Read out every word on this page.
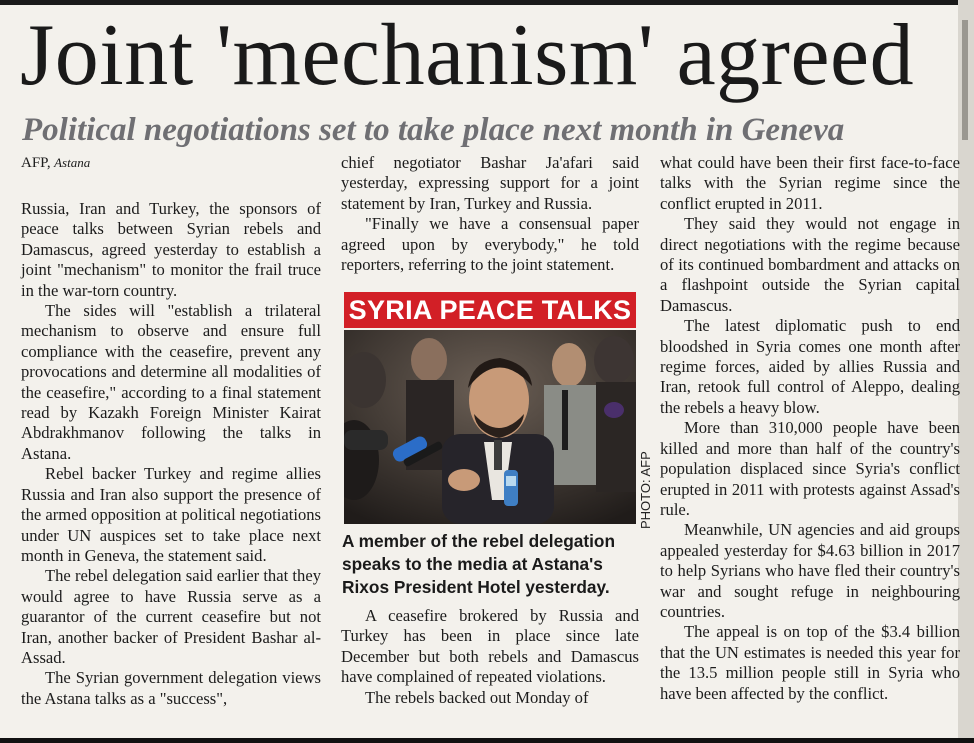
Joint 'mechanism' agreed
Political negotiations set to take place next month in Geneva
AFP, Astana

Russia, Iran and Turkey, the sponsors of peace talks between Syrian rebels and Damascus, agreed yesterday to establish a joint "mechanism" to monitor the frail truce in the war-torn country.

The sides will "establish a trilateral mechanism to observe and ensure full compliance with the ceasefire, prevent any provocations and determine all modalities of the ceasefire," according to a final statement read by Kazakh Foreign Minister Kairat Abdrakhmanov following the talks in Astana.

Rebel backer Turkey and regime allies Russia and Iran also support the presence of the armed opposition at political negotiations under UN auspices set to take place next month in Geneva, the statement said.

The rebel delegation said earlier that they would agree to have Russia serve as a guarantor of the current ceasefire but not Iran, another backer of President Bashar al-Assad.

The Syrian government delegation views the Astana talks as a "success",

chief negotiator Bashar Ja'afari said yesterday, expressing support for a joint statement by Iran, Turkey and Russia.

"Finally we have a consensual paper agreed upon by everybody," he told reporters, referring to the joint statement.

SYRIA PEACE TALKS
PHOTO: AFP
A member of the rebel delegation speaks to the media at Astana's Rixos President Hotel yesterday.

A ceasefire brokered by Russia and Turkey has been in place since late December but both rebels and Damascus have complained of repeated violations.

The rebels backed out Monday of

what could have been their first face-to-face talks with the Syrian regime since the conflict erupted in 2011.

They said they would not engage in direct negotiations with the regime because of its continued bombardment and attacks on a flashpoint outside the Syrian capital Damascus.

The latest diplomatic push to end bloodshed in Syria comes one month after regime forces, aided by allies Russia and Iran, retook full control of Aleppo, dealing the rebels a heavy blow.

More than 310,000 people have been killed and more than half of the country's population displaced since Syria's conflict erupted in 2011 with protests against Assad's rule.

Meanwhile, UN agencies and aid groups appealed yesterday for $4.63 billion in 2017 to help Syrians who have fled their country's war and sought refuge in neighbouring countries.

The appeal is on top of the $3.4 billion that the UN estimates is needed this year for the 13.5 million people still in Syria who have been affected by the conflict.
